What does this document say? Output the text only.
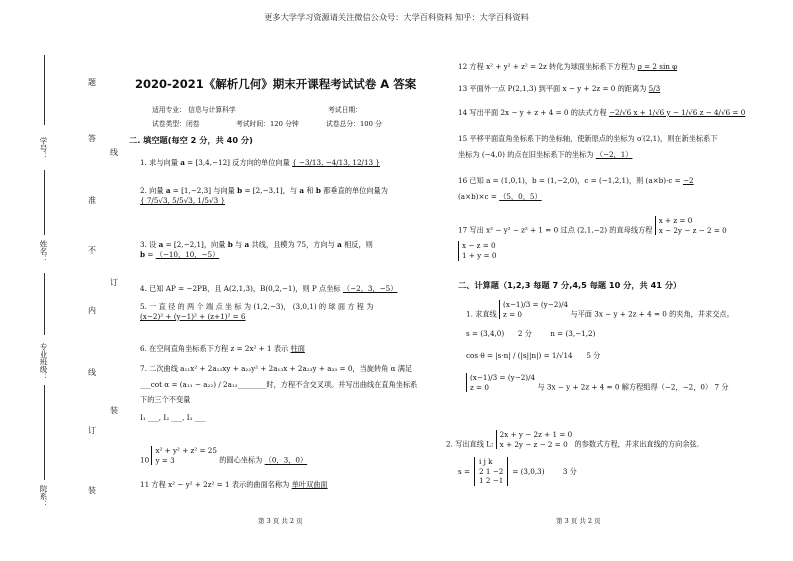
更多大学学习资源请关注微信公众号：大学百科资料 知乎：大学百科资料
院系：
专业班级：
姓名：
学号：
题
答
准
不
内
线
订
装
线
订
装
2020-2021《解析几何》期末开课程考试试卷 A 答案
适用专业： 信息与计算科学	考试日期：
试卷类型：闭卷	考试时间：120 分钟	试卷总分：100 分
二. 填空题(每空 2 分，共 40 分)
1. 求与向量 a = [3,4,−12] 反方向的单位向量 { −3/13, −4/13, 12/13 }
2. 向量 a = [1,−2,3] 与向量 b = [2,−3,1]，与 a 和 b 都垂直的单位向量为
{ 7/5√3, 5/5√3, 1/5√3 }
3. 设 a = [2,−2,1]，向量 b 与 a 共线，且模为 75，方向与 a 相反，则
b = （−10，10，−5）
4. 已知 AP = −2PB，且 A(2,1,3)，B(0,2,−1)，则 P 点坐标 （−2，3，−5）
5. 一 直 径 的 两 个 端 点 坐 标 为 (1,2,−3)， (3,0,1) 的 球 面 方 程 为
(x−2)² + (y−1)² + (z+1)² = 6
6. 在空间直角坐标系下方程 z = 2x² + 1 表示 柱面
7. 二次曲线 a₁₁x² + 2a₁₂xy + a₂₂y² + 2a₁₃x + 2a₂₃y + a₃₃ = 0，当旋转角 α 满足
___cot α = (a₁₁ − a₂₂) / 2a₁₂________时，方程不含交叉项。并写出曲线在直角坐标系
下的三个不变量
I₁ ___, I₂ ___, I₃ ___
10 x² + y² + z² = 25
y = 3	的圆心坐标为 （0，3，0）
11 方程 x² − y² + 2z² = 1 表示的曲面名称为 单叶双曲面
第 3 页 共 2 页
12 方程 x² + y² + z² = 2z 转化为球面坐标系下方程为 ρ = 2 sin φ
13 平面外一点 P(2,1,3) 到平面 x − y + 2z = 0 的距离为 5/3
14 写出平面 2x − y + z + 4 = 0 的法式方程 −2/√6 x + 1/√6 y − 1/√6 z − 4/√6 = 0
15 平移平面直角坐标系下的坐标轴，使新原点的坐标为 o′(2,1)，则在新坐标系下
坐标为 (−4,0) 的点在旧坐标系下的坐标为 （−2，1）
16 已知 a = (1,0,1)，b = (1,−2,0)，c = (−1,2,1)，则 (a×b)·c = −2
(a×b)×c = （5，0，5）
17 写出 x² − y² − z² + 1 = 0 过点 (2,1,−2) 的直母线方程 x + z = 0
x − 2y − z − 2 = 0
x − z = 0
1 + y = 0
二、计算题（1,2,3 每题 7 分,4,5 每题 10 分，共 41 分）
1. 求直线 (x−1)/3 = (y−2)/4
z = 0	与平面 3x − y + 2z + 4 = 0 的夹角，并求交点。

s = (3,4,0) 2 分	n = (3,−1,2)
cos θ = |s·n| / (|s||n|) = 1/√14 5 分
(x−1)/3 = (y−2)/4
z = 0	与 3x − y + 2z + 4 = 0 解方程组得（−2，−2，0） 7 分
2. 写出直线 L: 2x + y − 2z + 1 = 0
x + 2y − z − 2 = 0 的参数式方程，并求出直线的方向余弦.
s =
i j k
2 1 −2
1 2 −1
= (3,0,3)
	3 分
第 3 页 共 2 页
